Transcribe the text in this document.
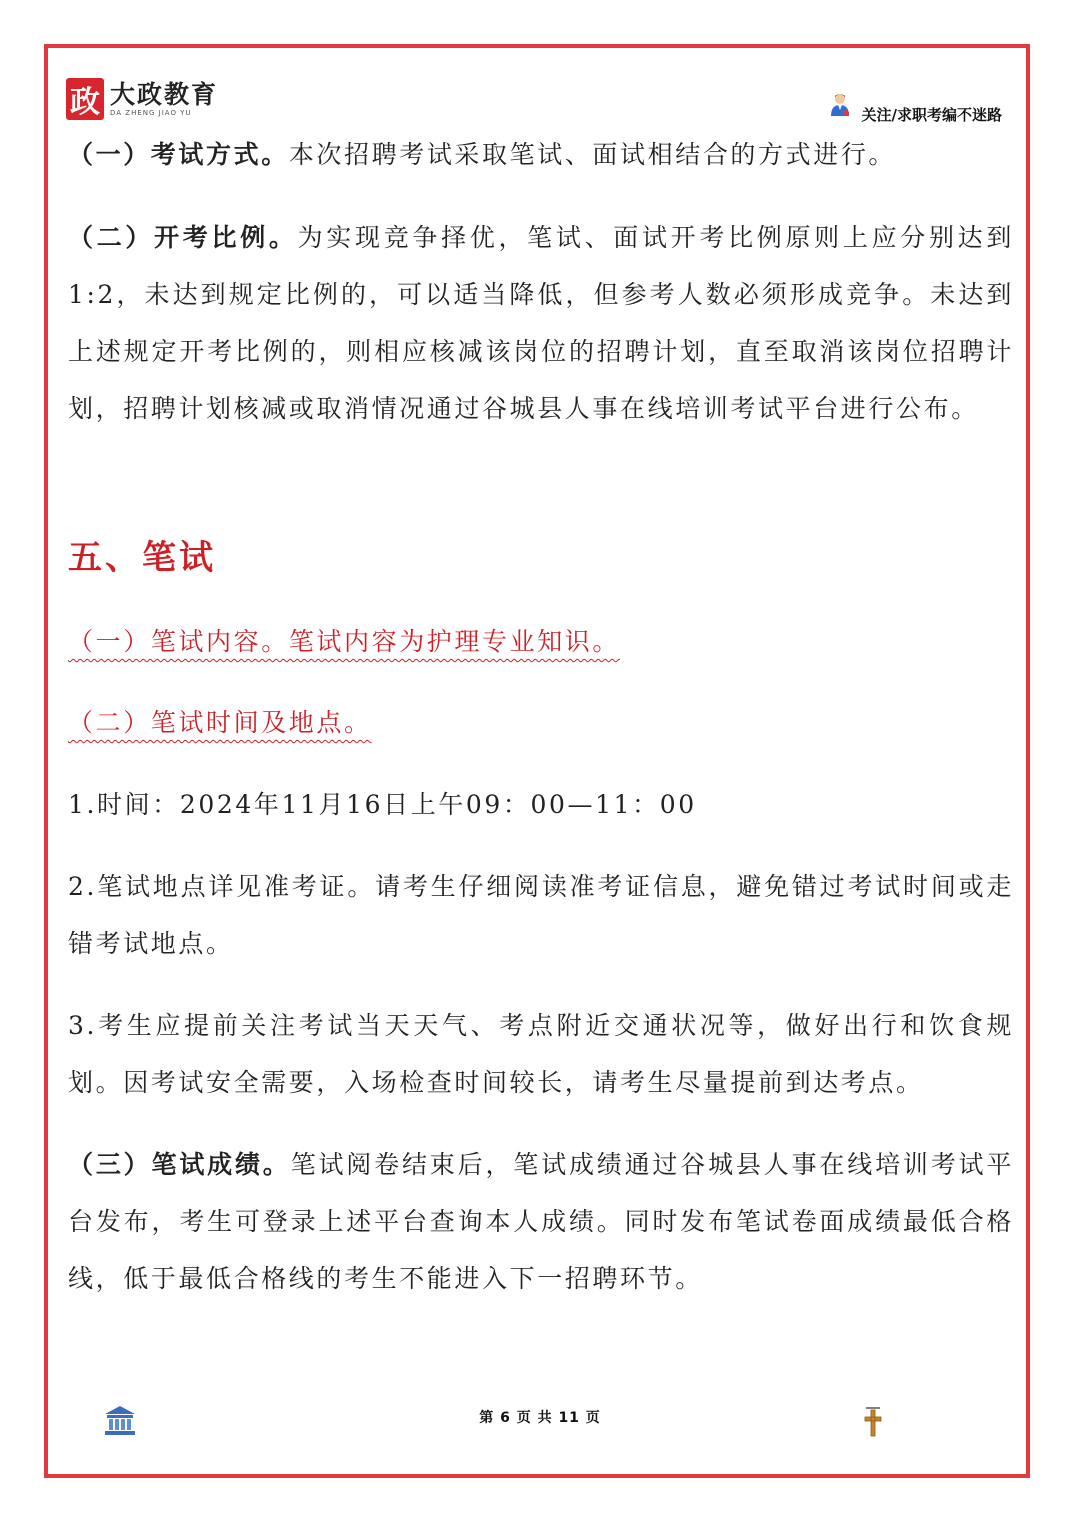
政 大政教育
DA ZHENG JIAO YU	关注/求职考编不迷路

（一）考试方式。本次招聘考试采取笔试、面试相结合的方式进行。

（二）开考比例。为实现竞争择优，笔试、面试开考比例原则上应分别达到1:2，未达到规定比例的，可以适当降低，但参考人数必须形成竞争。未达到上述规定开考比例的，则相应核减该岗位的招聘计划，直至取消该岗位招聘计划，招聘计划核减或取消情况通过谷城县人事在线培训考试平台进行公布。

五、笔试

（一）笔试内容。笔试内容为护理专业知识。

（二）笔试时间及地点。

1.时间：2024年11月16日上午09：00—11：00

2.笔试地点详见准考证。请考生仔细阅读准考证信息，避免错过考试时间或走错考试地点。

3.考生应提前关注考试当天天气、考点附近交通状况等，做好出行和饮食规划。因考试安全需要，入场检查时间较长，请考生尽量提前到达考点。

（三）笔试成绩。笔试阅卷结束后，笔试成绩通过谷城县人事在线培训考试平台发布，考生可登录上述平台查询本人成绩。同时发布笔试卷面成绩最低合格线，低于最低合格线的考生不能进入下一招聘环节。

第 6 页 共 11 页
